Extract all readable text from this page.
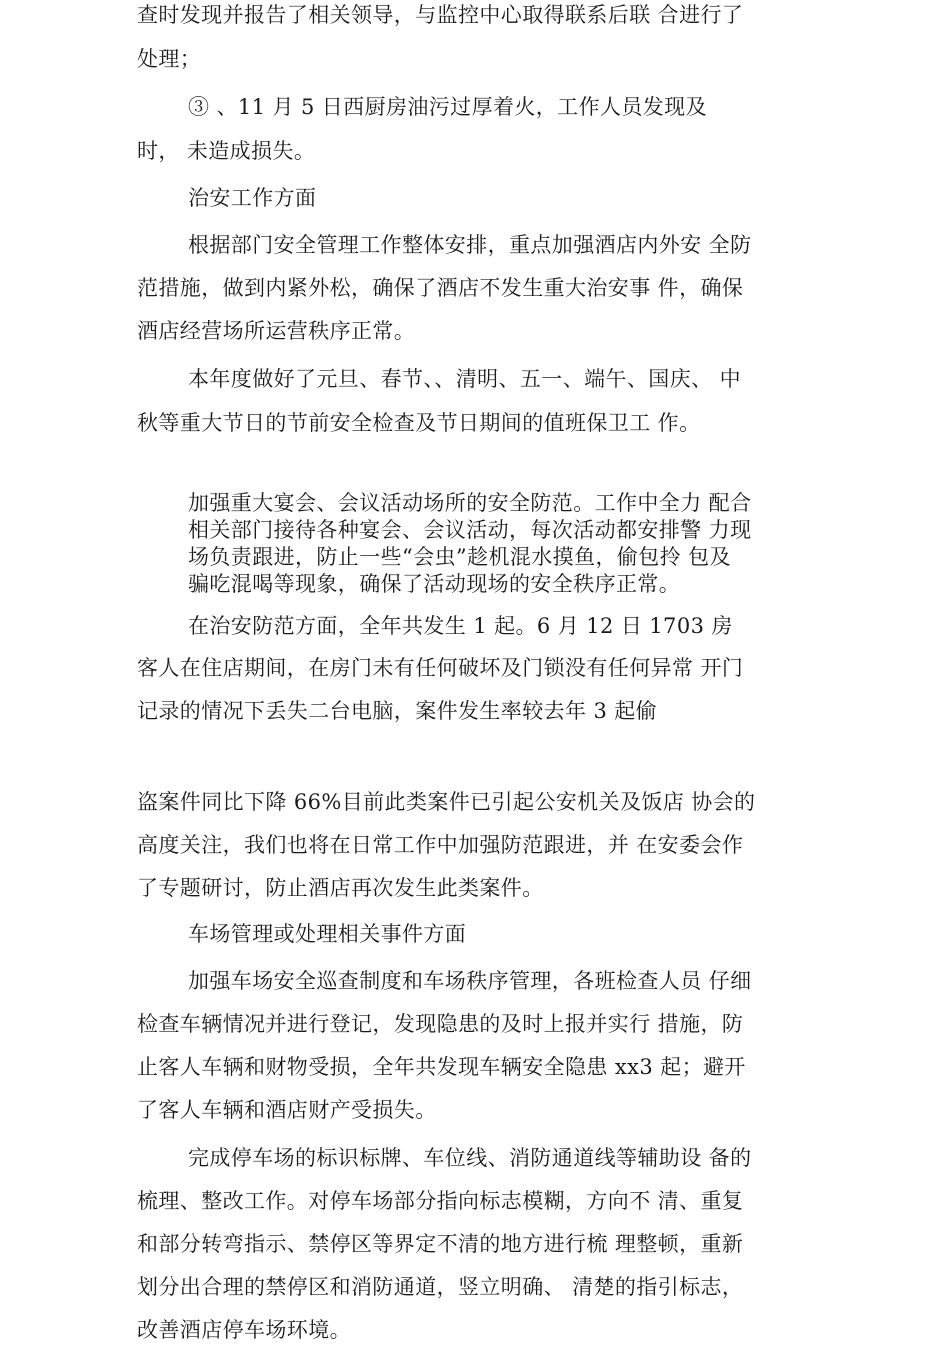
查时发现并报告了相关领导，与监控中心取得联系后联 合进行了
处理；
③ 、11 月 5 日西厨房油污过厚着火，工作人员发现及
时， 未造成损失。
治安工作方面
根据部门安全管理工作整体安排，重点加强酒店内外安 全防
范措施，做到内紧外松，确保了酒店不发生重大治安事 件，确保
酒店经营场所运营秩序正常。
本年度做好了元旦、春节、、清明、五一、端午、国庆、 中
秋等重大节日的节前安全检查及节日期间的值班保卫工 作。
加强重大宴会、会议活动场所的安全防范。工作中全力 配合
相关部门接待各种宴会、会议活动，每次活动都安排警 力现
场负责跟进，防止一些“会虫”趁机混水摸鱼，偷包拎 包及
骗吃混喝等现象，确保了活动现场的安全秩序正常。
在治安防范方面，全年共发生 1 起。6 月 12 日 1703 房
客人在住店期间，在房门未有任何破坏及门锁没有任何异常 开门
记录的情况下丢失二台电脑，案件发生率较去年 3 起偷
盗案件同比下降 66%目前此类案件已引起公安机关及饭店 协会的
高度关注，我们也将在日常工作中加强防范跟进，并 在安委会作
了专题研讨，防止酒店再次发生此类案件。
车场管理或处理相关事件方面
加强车场安全巡查制度和车场秩序管理，各班检查人员 仔细
检查车辆情况并进行登记，发现隐患的及时上报并实行 措施，防
止客人车辆和财物受损，全年共发现车辆安全隐患 xx3 起；避开
了客人车辆和酒店财产受损失。
完成停车场的标识标牌、车位线、消防通道线等辅助设 备的
梳理、整改工作。对停车场部分指向标志模糊，方向不 清、重复
和部分转弯指示、禁停区等界定不清的地方进行梳 理整顿，重新
划分出合理的禁停区和消防通道，竖立明确、 清楚的指引标志，
改善酒店停车场环境。
